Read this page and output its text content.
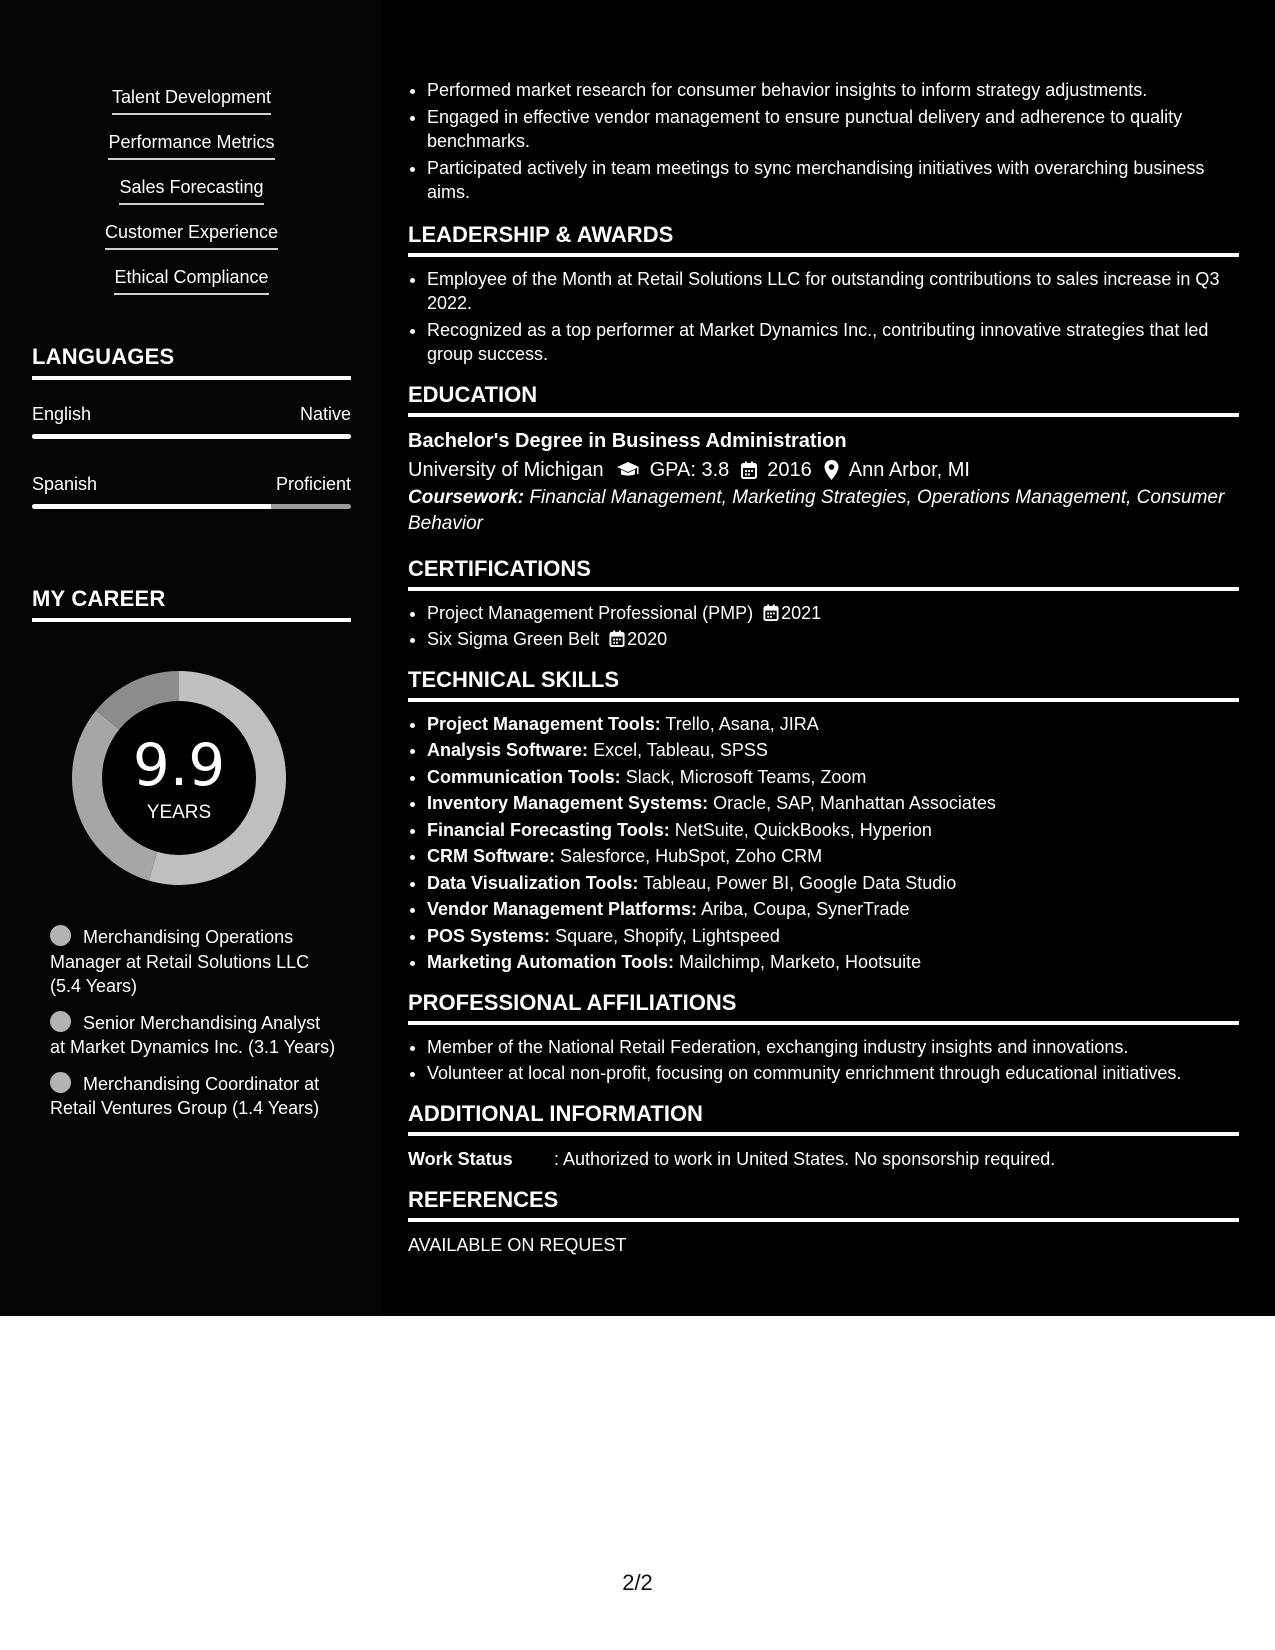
Talent Development
Performance Metrics
Sales Forecasting
Customer Experience
Ethical Compliance
LANGUAGES
English	Native
Spanish	Proficient
MY CAREER
9.9
YEARS
Merchandising Operations Manager at Retail Solutions LLC (5.4 Years)
Senior Merchandising Analyst at Market Dynamics Inc. (3.1 Years)
Merchandising Coordinator at Retail Ventures Group (1.4 Years)
• Performed market research for consumer behavior insights to inform strategy adjustments.
• Engaged in effective vendor management to ensure punctual delivery and adherence to quality benchmarks.
• Participated actively in team meetings to sync merchandising initiatives with overarching business aims.
LEADERSHIP & AWARDS
• Employee of the Month at Retail Solutions LLC for outstanding contributions to sales increase in Q3 2022.
• Recognized as a top performer at Market Dynamics Inc., contributing innovative strategies that led group success.
EDUCATION
Bachelor's Degree in Business Administration
University of Michigan GPA: 3.8 2016 Ann Arbor, MI
Coursework: Financial Management, Marketing Strategies, Operations Management, Consumer Behavior
CERTIFICATIONS
• Project Management Professional (PMP) 2021
• Six Sigma Green Belt 2020
TECHNICAL SKILLS
• Project Management Tools: Trello, Asana, JIRA
• Analysis Software: Excel, Tableau, SPSS
• Communication Tools: Slack, Microsoft Teams, Zoom
• Inventory Management Systems: Oracle, SAP, Manhattan Associates
• Financial Forecasting Tools: NetSuite, QuickBooks, Hyperion
• CRM Software: Salesforce, HubSpot, Zoho CRM
• Data Visualization Tools: Tableau, Power BI, Google Data Studio
• Vendor Management Platforms: Ariba, Coupa, SynerTrade
• POS Systems: Square, Shopify, Lightspeed
• Marketing Automation Tools: Mailchimp, Marketo, Hootsuite
PROFESSIONAL AFFILIATIONS
• Member of the National Retail Federation, exchanging industry insights and innovations.
• Volunteer at local non-profit, focusing on community enrichment through educational initiatives.
ADDITIONAL INFORMATION
Work Status	: Authorized to work in United States. No sponsorship required.
REFERENCES
AVAILABLE ON REQUEST
2/2
